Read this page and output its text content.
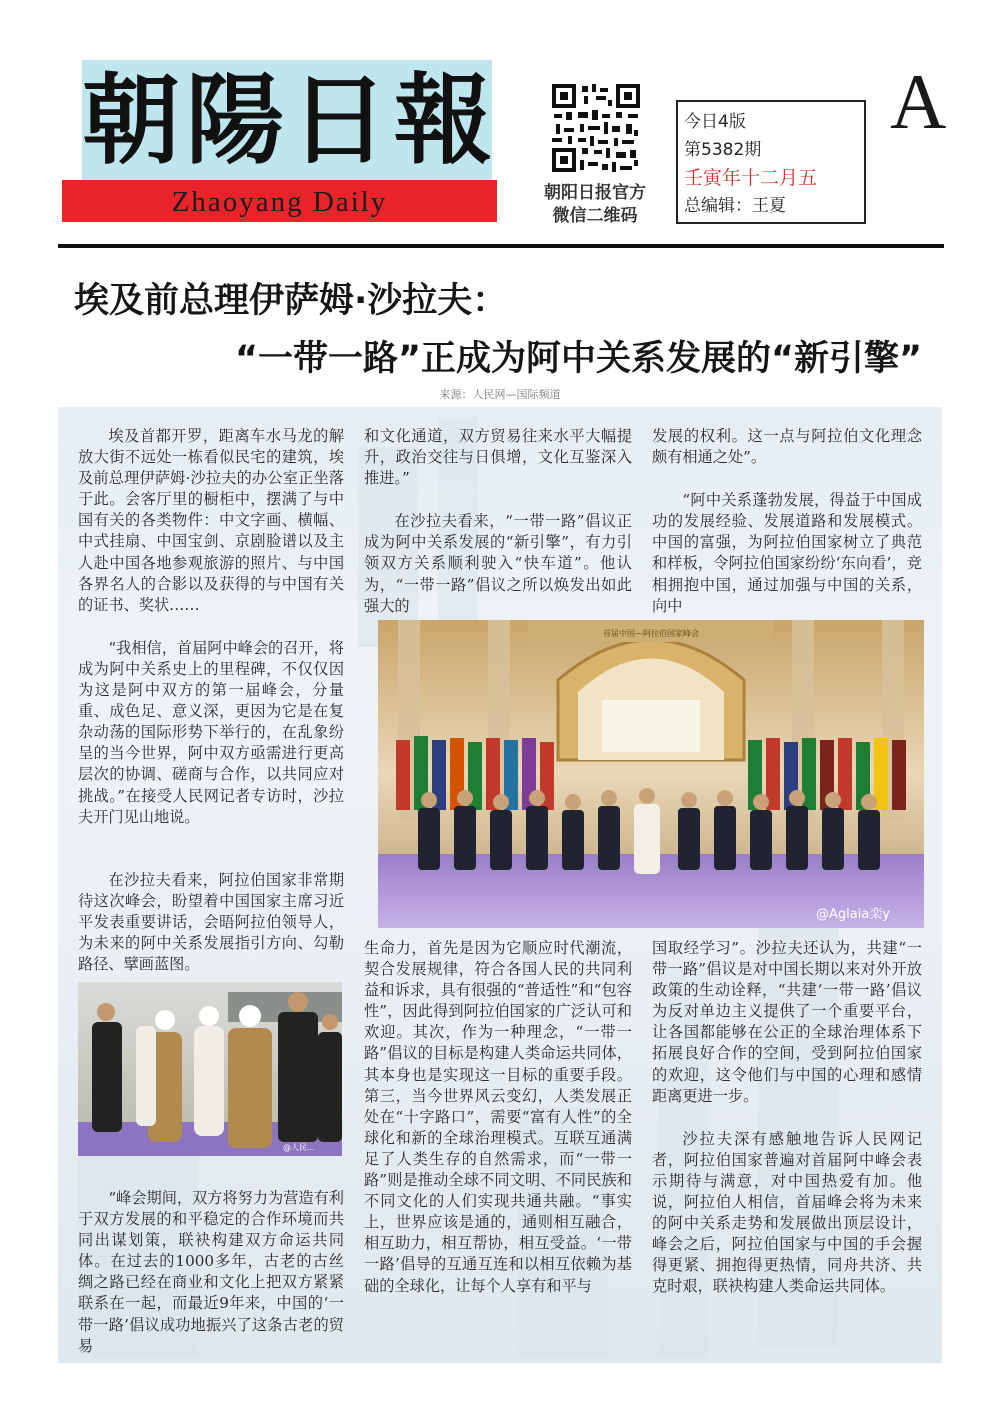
朝陽日報
Zhaoyang Daily	朝阳日报官方
微信二维码
今日4版
第5382期
壬寅年十二月五
总编辑：王夏
A
埃及前总理伊萨姆·沙拉夫：
“一带一路”正成为阿中关系发展的“新引擎”
来源：人民网—国际频道
首届中国—阿拉伯国家峰会
@Aglaia栾y
@人民...

埃及首都开罗，距离车水马龙的解放大街不远处一栋看似民宅的建筑，埃及前总理伊萨姆·沙拉夫的办公室正坐落于此。会客厅里的橱柜中，摆满了与中国有关的各类物件：中文字画、横幅、中式挂扇、中国宝剑、京剧脸谱以及主人赴中国各地参观旅游的照片、与中国各界名人的合影以及获得的与中国有关的证书、奖状……

“我相信，首届阿中峰会的召开，将成为阿中关系史上的里程碑，不仅仅因为这是阿中双方的第一届峰会，分量重、成色足、意义深，更因为它是在复杂动荡的国际形势下举行的，在乱象纷呈的当今世界，阿中双方亟需进行更高层次的协调、磋商与合作，以共同应对挑战。”在接受人民网记者专访时，沙拉夫开门见山地说。

在沙拉夫看来，阿拉伯国家非常期待这次峰会，盼望着中国国家主席习近平发表重要讲话，会晤阿拉伯领导人，为未来的阿中关系发展指引方向、勾勒路径、擘画蓝图。

“峰会期间，双方将努力为营造有利于双方发展的和平稳定的合作环境而共同出谋划策，联袂构建双方命运共同体。在过去的1000多年，古老的古丝绸之路已经在商业和文化上把双方紧紧联系在一起，而最近9年来，中国的‘一带一路’倡议成功地振兴了这条古老的贸易

和文化通道，双方贸易往来水平大幅提升，政治交往与日俱增，文化互鉴深入推进。”

在沙拉夫看来，“一带一路”倡议正成为阿中关系发展的“新引擎”，有力引领双方关系顺利驶入“快车道”。他认为，“一带一路”倡议之所以焕发出如此强大的

生命力，首先是因为它顺应时代潮流，契合发展规律，符合各国人民的共同利益和诉求，具有很强的“普适性”和“包容性”，因此得到阿拉伯国家的广泛认可和欢迎。其次，作为一种理念，“一带一路”倡议的目标是构建人类命运共同体，其本身也是实现这一目标的重要手段。第三，当今世界风云变幻，人类发展正处在“十字路口”，需要“富有人性”的全球化和新的全球治理模式。互联互通满足了人类生存的自然需求，而“一带一路”则是推动全球不同文明、不同民族和不同文化的人们实现共通共融。“事实上，世界应该是通的，通则相互融合，相互助力，相互帮协，相互受益。‘一带一路’倡导的互通互连和以相互依赖为基础的全球化，让每个人享有和平与

发展的权利。这一点与阿拉伯文化理念颇有相通之处”。

“阿中关系蓬勃发展，得益于中国成功的发展经验、发展道路和发展模式。中国的富强，为阿拉伯国家树立了典范和样板，令阿拉伯国家纷纷‘东向看’，竞相拥抱中国，通过加强与中国的关系，向中

国取经学习”。沙拉夫还认为，共建“一带一路”倡议是对中国长期以来对外开放政策的生动诠释，“共建‘一带一路’倡议为反对单边主义提供了一个重要平台，让各国都能够在公正的全球治理体系下拓展良好合作的空间，受到阿拉伯国家的欢迎，这令他们与中国的心理和感情距离更进一步。

沙拉夫深有感触地告诉人民网记者，阿拉伯国家普遍对首届阿中峰会表示期待与满意，对中国热爱有加。他说，阿拉伯人相信，首届峰会将为未来的阿中关系走势和发展做出顶层设计，峰会之后，阿拉伯国家与中国的手会握得更紧、拥抱得更热情，同舟共济、共克时艰，联袂构建人类命运共同体。
